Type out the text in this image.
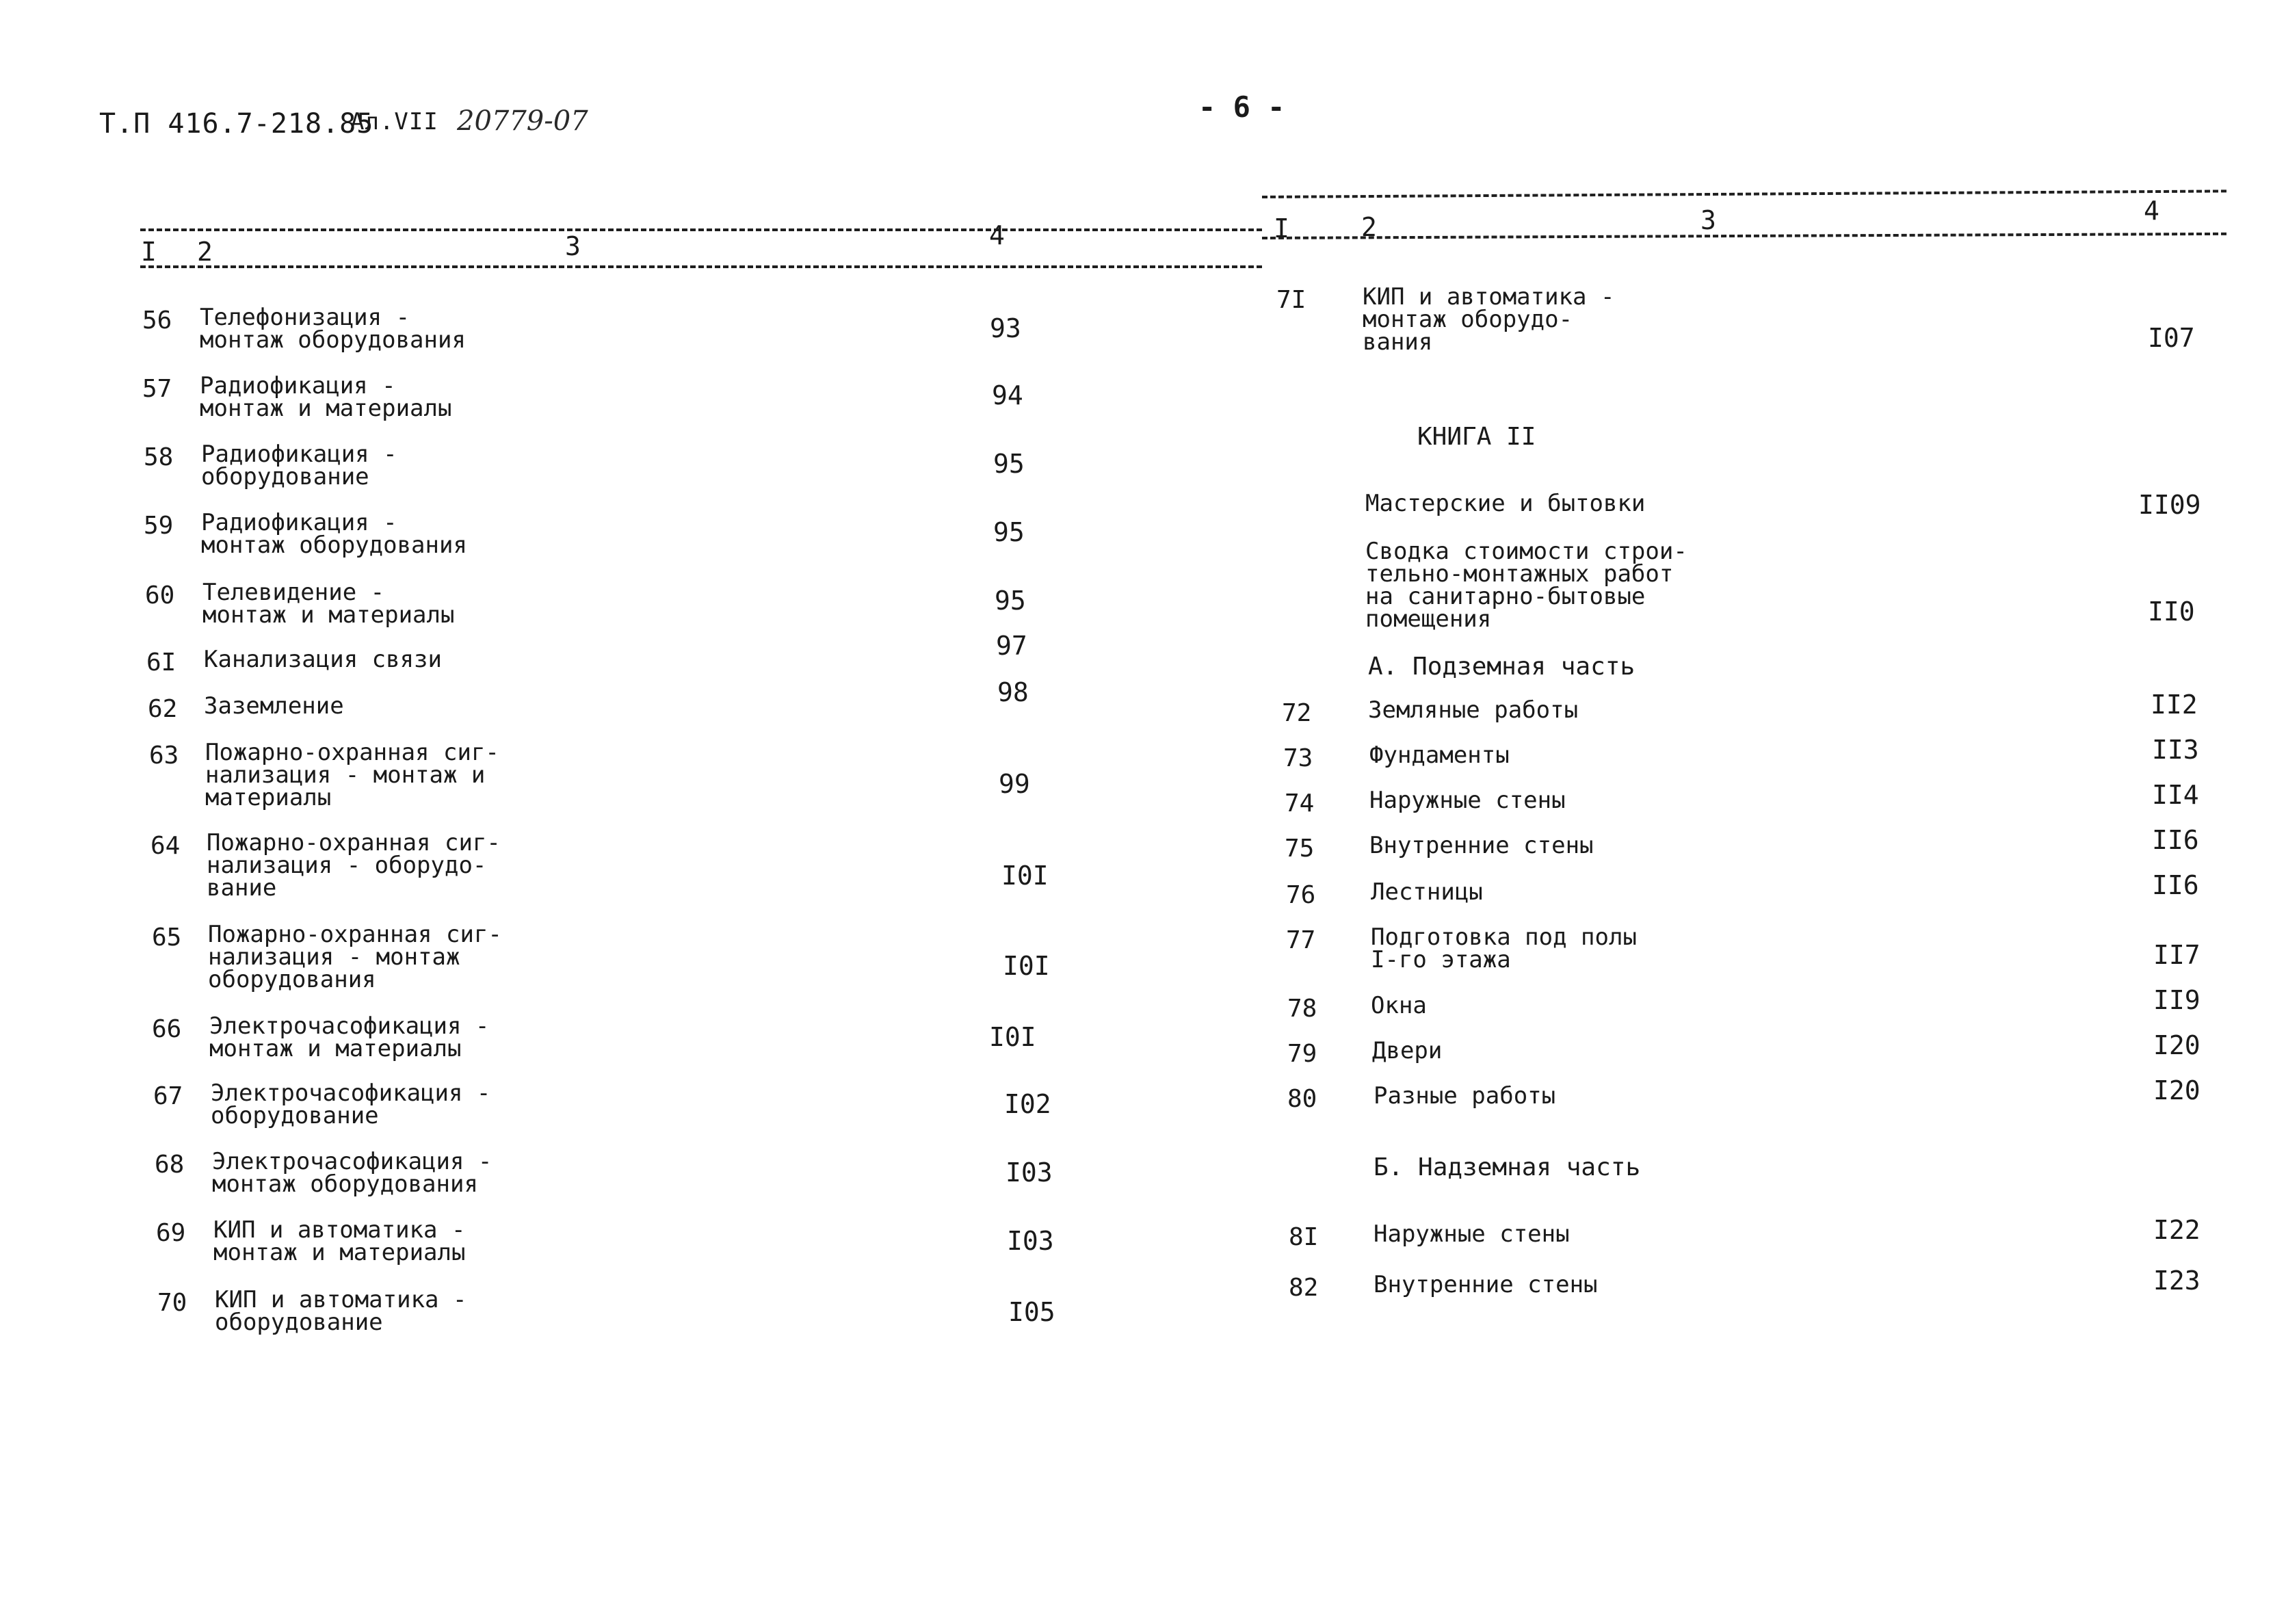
Т.П 416.7-218.85
Ал.VII 20779-07	- 6 -
I 2	3	4	I	2	3	4
56 Телефонизация -
монтаж оборудования	93
57 Радиофикация -
монтаж и материалы	94
58 Радиофикация -
оборудование	95
59 Радиофикация -
монтаж оборудования	95
60 Телевидение -
монтаж и материалы	95
6I Канализация связи	97
62 Заземление	98
63 Пожарно-охранная сиг-
нализация - монтаж и
материалы	99
64 Пожарно-охранная сиг-
нализация - оборудо-
вание	I0I
65 Пожарно-охранная сиг-
нализация - монтаж
оборудования	I0I
66 Электрочасофикация -
монтаж и материалы	I0I
67 Электрочасофикация -
оборудование	I02
68 Электрочасофикация -
монтаж оборудования	I03
69 КИП и автоматика -
монтаж и материалы	I03
70 КИП и автоматика -
оборудование	I05
7I КИП и автоматика -
монтаж оборудо-
вания	I07
КНИГА II
Мастерские и бытовки	II09
Сводка стоимости строи-
тельно-монтажных работ
на санитарно-бытовые
помещения	II0
А. Подземная часть
72 Земляные работы	II2
73 Фундаменты	II3
74 Наружные стены	II4
75 Внутренние стены	II6
76 Лестницы	II6
77 Подготовка под полы
I-го этажа	II7
78 Окна	II9
79 Двери	I20
80 Разные работы	I20
Б. Надземная часть
8I Наружные стены	I22
82 Внутренние стены	I23
